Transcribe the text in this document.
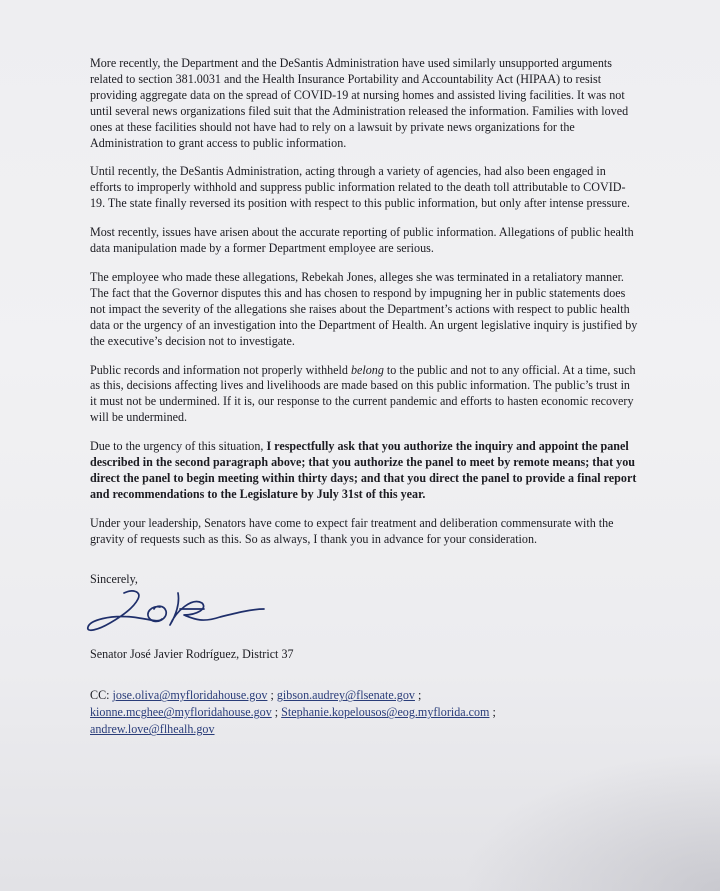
More recently, the Department and the DeSantis Administration have used similarly unsupported arguments related to section 381.0031 and the Health Insurance Portability and Accountability Act (HIPAA) to resist providing aggregate data on the spread of COVID-19 at nursing homes and assisted living facilities. It was not until several news organizations filed suit that the Administration released the information. Families with loved ones at these facilities should not have had to rely on a lawsuit by private news organizations for the Administration to grant access to public information.

Until recently, the DeSantis Administration, acting through a variety of agencies, had also been engaged in efforts to improperly withhold and suppress public information related to the death toll attributable to COVID-19. The state finally reversed its position with respect to this public information, but only after intense pressure.

Most recently, issues have arisen about the accurate reporting of public information. Allegations of public health data manipulation made by a former Department employee are serious.

The employee who made these allegations, Rebekah Jones, alleges she was terminated in a retaliatory manner. The fact that the Governor disputes this and has chosen to respond by impugning her in public statements does not impact the severity of the allegations she raises about the Department’s actions with respect to public health data or the urgency of an investigation into the Department of Health. An urgent legislative inquiry is justified by the executive’s decision not to investigate.

Public records and information not properly withheld belong to the public and not to any official. At a time, such as this, decisions affecting lives and livelihoods are made based on this public information. The public’s trust in it must not be undermined. If it is, our response to the current pandemic and efforts to hasten economic recovery will be undermined.

Due to the urgency of this situation, I respectfully ask that you authorize the inquiry and appoint the panel described in the second paragraph above; that you authorize the panel to meet by remote means; that you direct the panel to begin meeting within thirty days; and that you direct the panel to provide a final report and recommendations to the Legislature by July 31st of this year.

Under your leadership, Senators have come to expect fair treatment and deliberation commensurate with the gravity of requests such as this. So as always, I thank you in advance for your consideration.

Sincerely,

Senator José Javier Rodríguez, District 37

CC: jose.oliva@myfloridahouse.gov ; gibson.audrey@flsenate.gov ;
kionne.mcghee@myfloridahouse.gov ; Stephanie.kopelousos@eog.myflorida.com ;
andrew.love@flhealh.gov
